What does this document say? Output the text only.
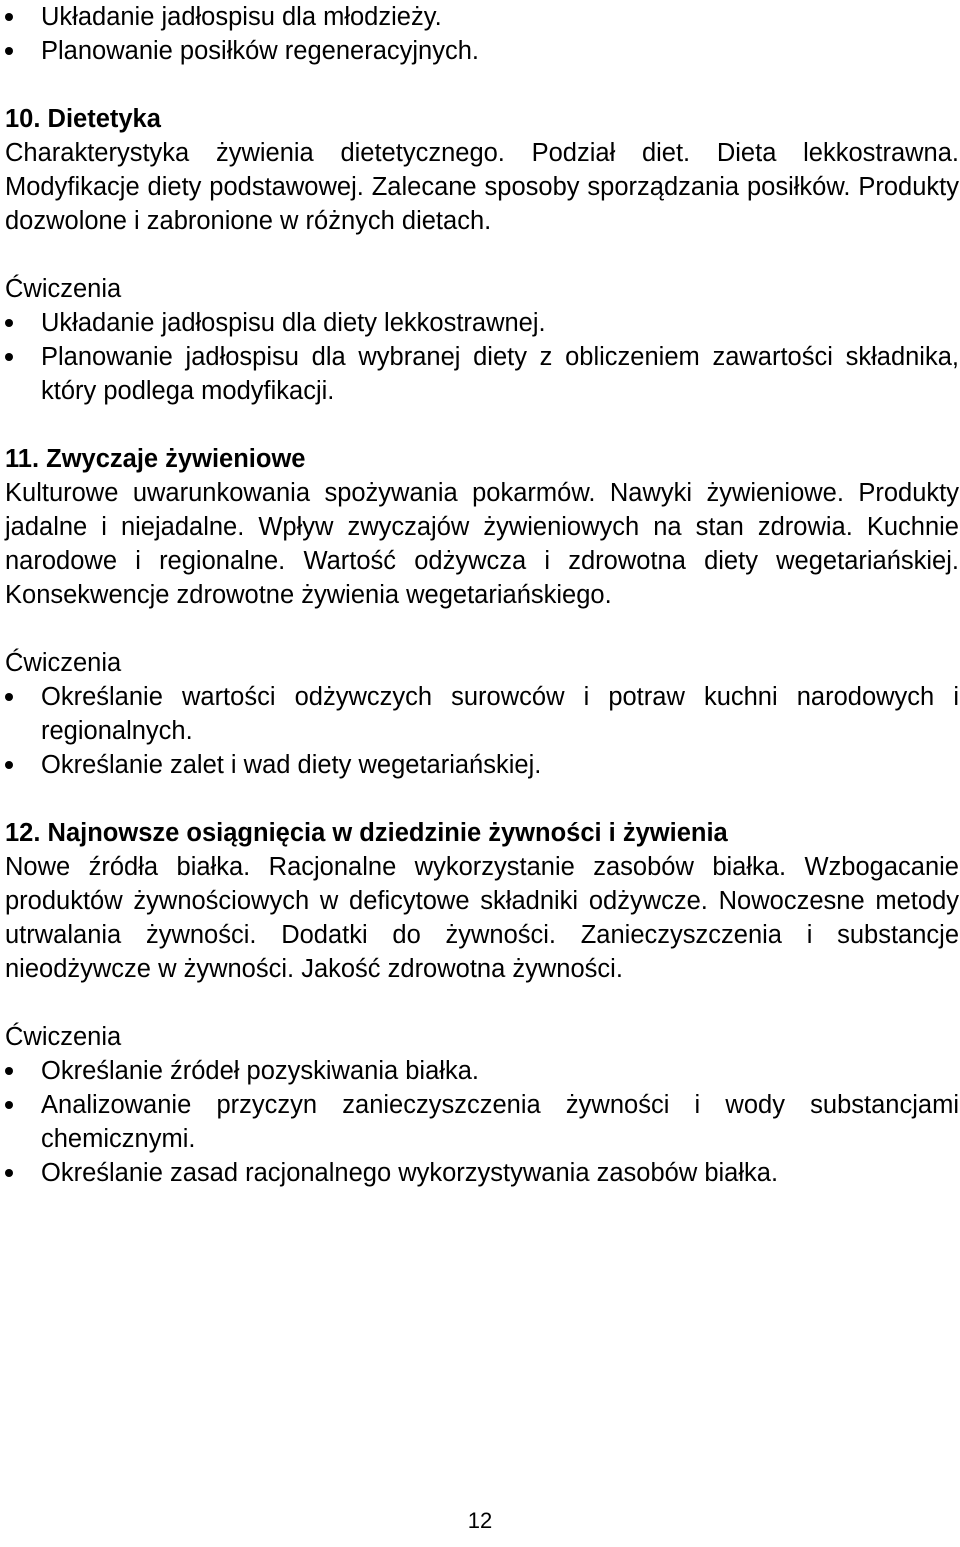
Układanie jadłospisu dla młodzieży.
Planowanie posiłków regeneracyjnych.

10. Dietetyka

Charakterystyka żywienia dietetycznego. Podział diet. Dieta lekkostrawna. Modyfikacje diety podstawowej. Zalecane sposoby sporządzania posiłków. Produkty dozwolone i zabronione w różnych dietach.

Ćwiczenia

Układanie jadłospisu dla diety lekkostrawnej.
Planowanie jadłospisu dla wybranej diety z obliczeniem zawartości składnika, który podlega modyfikacji.

11. Zwyczaje żywieniowe

Kulturowe uwarunkowania spożywania pokarmów. Nawyki żywieniowe. Produkty jadalne i niejadalne. Wpływ zwyczajów żywieniowych na stan zdrowia. Kuchnie narodowe i regionalne. Wartość odżywcza i zdrowotna diety wegetariańskiej. Konsekwencje zdrowotne żywienia wegetariańskiego.

Ćwiczenia

Określanie wartości odżywczych surowców i potraw kuchni narodowych i regionalnych.
Określanie zalet i wad diety wegetariańskiej.

12. Najnowsze osiągnięcia w dziedzinie żywności i żywienia

Nowe źródła białka. Racjonalne wykorzystanie zasobów białka. Wzbogacanie produktów żywnościowych w deficytowe składniki odżywcze. Nowoczesne metody utrwalania żywności. Dodatki do żywności. Zanieczyszczenia i substancje nieodżywcze w żywności. Jakość zdrowotna żywności.

Ćwiczenia

Określanie źródeł pozyskiwania białka.
Analizowanie przyczyn zanieczyszczenia żywności i wody substancjami chemicznymi.
Określanie zasad racjonalnego wykorzystywania zasobów białka.
12
